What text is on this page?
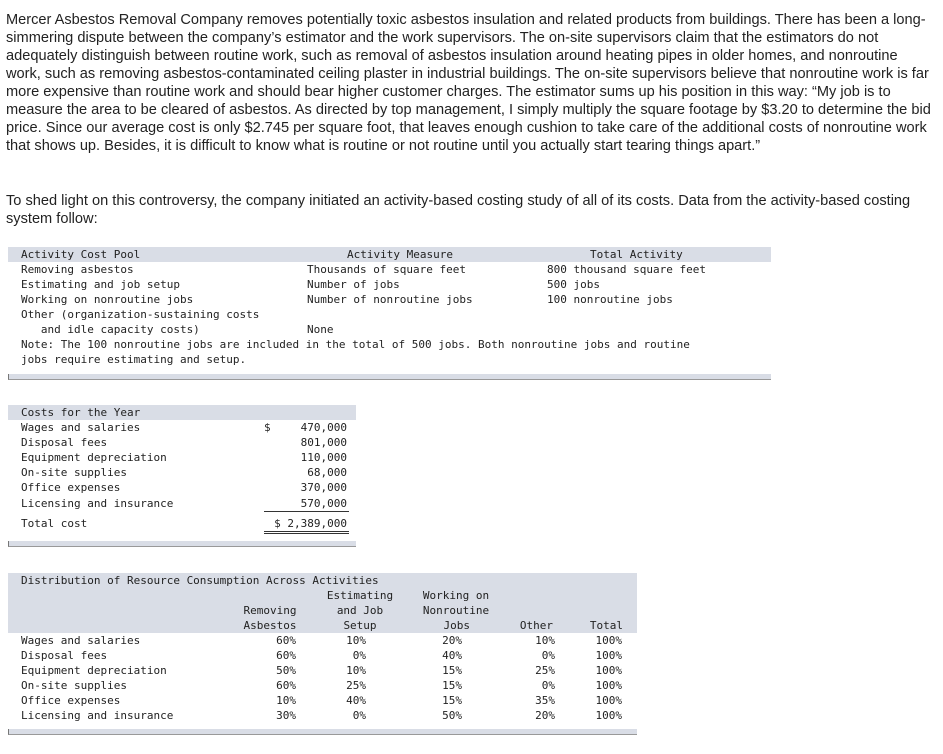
Mercer Asbestos Removal Company removes potentially toxic asbestos insulation and related products from buildings. There has been a long-simmering dispute between the company’s estimator and the work supervisors. The on-site supervisors claim that the estimators do not adequately distinguish between routine work, such as removal of asbestos insulation around heating pipes in older homes, and nonroutine work, such as removing asbestos-contaminated ceiling plaster in industrial buildings. The on-site supervisors believe that nonroutine work is far more expensive than routine work and should bear higher customer charges. The estimator sums up his position in this way: “My job is to measure the area to be cleared of asbestos. As directed by top management, I simply multiply the square footage by $3.20 to determine the bid price. Since our average cost is only $2.745 per square foot, that leaves enough cushion to take care of the additional costs of nonroutine work that shows up. Besides, it is difficult to know what is routine or not routine until you actually start tearing things apart.”
To shed light on this controversy, the company initiated an activity-based costing study of all of its costs. Data from the activity-based costing system follow:
Activity Cost Pool	Activity Measure	Total Activity
Removing asbestos	Thousands of square feet	800 thousand square feet
Estimating and job setup	Number of jobs	500 jobs
Working on nonroutine jobs	Number of nonroutine jobs	100 nonroutine jobs
Other (organization-sustaining costs
and idle capacity costs)	None
Note: The 100 nonroutine jobs are included in the total of 500 jobs. Both nonroutine jobs and routine
jobs require estimating and setup.
Costs for the Year
$
Wages and salaries	470,000
Disposal fees	801,000
Equipment depreciation	110,000
On-site supplies	68,000
Office expenses	370,000
Licensing and insurance	570,000
Total cost	$ 2,389,000
Distribution of Resource Consumption Across Activities
Removing
Asbestos
Estimating
and Job
Setup
Working on
Nonroutine
Jobs	Other	Total
Wages and salaries	60%	10%	20%	10%	100%
Disposal fees	60%	0%	40%	0%	100%
Equipment depreciation	50%	10%	15%	25%	100%
On-site supplies	60%	25%	15%	0%	100%
Office expenses	10%	40%	15%	35%	100%
Licensing and insurance	30%	0%	50%	20%	100%
